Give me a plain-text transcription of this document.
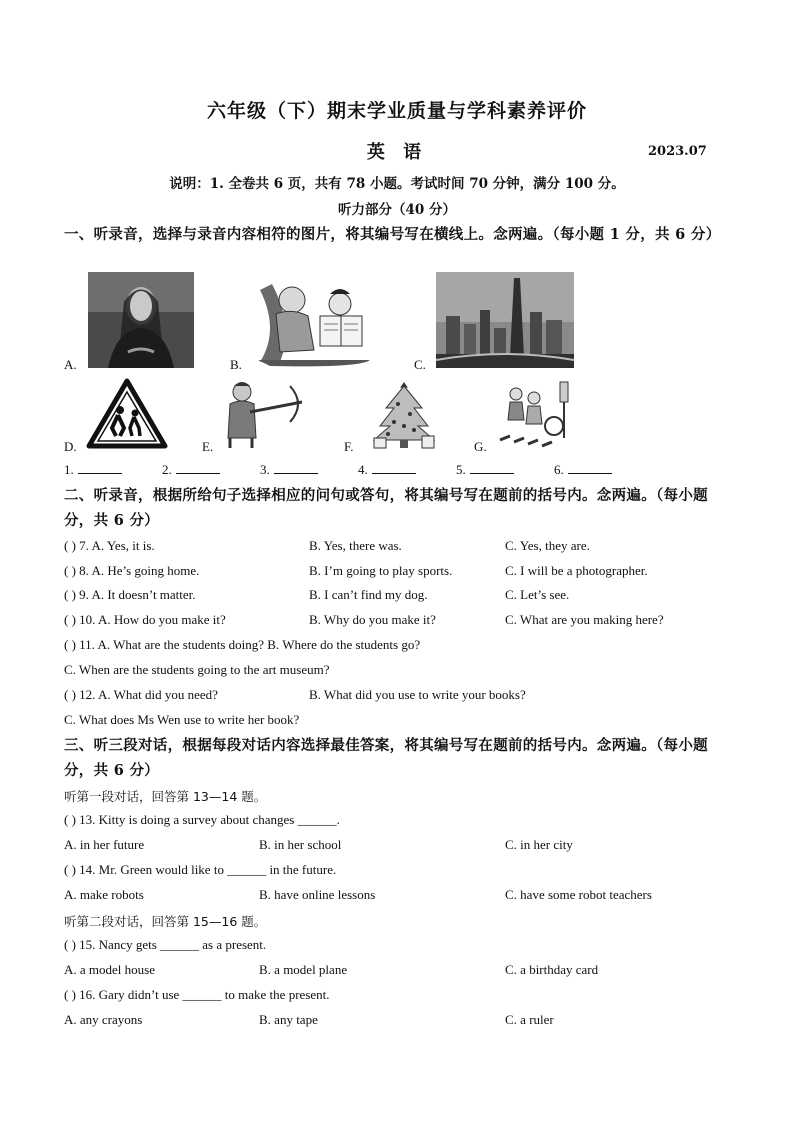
六年级（下）期末学业质量与学科素养评价
英 语	2023.07
说明：1. 全卷共 6 页，共有 78 小题。考试时间 70 分钟，满分 100 分。
听力部分（40 分）
一、听录音，选择与录音内容相符的图片，将其编号写在横线上。念两遍。（每小题 1 分，共 6 分）
A.	B.	C.
D.	E.	F.	G.
1.	2.	3.	4.	5.	6.
二、听录音，根据所给句子选择相应的问句或答句，将其编号写在题前的括号内。念两遍。（每小题分，共 6 分）
( ) 7. A. Yes, it is.	B. Yes, there was.	C. Yes, they are.
( ) 8. A. He’s going home.	B. I’m going to play sports.	C. I will be a photographer.
( ) 9. A. It doesn’t matter.	B. I can’t find my dog.	C. Let’s see.
( ) 10. A. How do you make it?	B. Why do you make it?	C. What are you making here?
( ) 11. A. What are the students doing? B. Where do the students go?
C. When are the students going to the art museum?
( ) 12. A. What did you need?	B. What did you use to write your books?
C. What does Ms Wen use to write her book?
三、听三段对话，根据每段对话内容选择最佳答案，将其编号写在题前的括号内。念两遍。（每小题分，共 6 分）
听第一段对话，回答第 13—14 题。
( ) 13. Kitty is doing a survey about changes ______.
A. in her future	B. in her school	C. in her city
( ) 14. Mr. Green would like to ______ in the future.
A. make robots	B. have online lessons	C. have some robot teachers
听第二段对话，回答第 15—16 题。
( ) 15. Nancy gets ______ as a present.
A. a model house	B. a model plane	C. a birthday card
( ) 16. Gary didn’t use ______ to make the present.
A. any crayons	B. any tape	C. a ruler
